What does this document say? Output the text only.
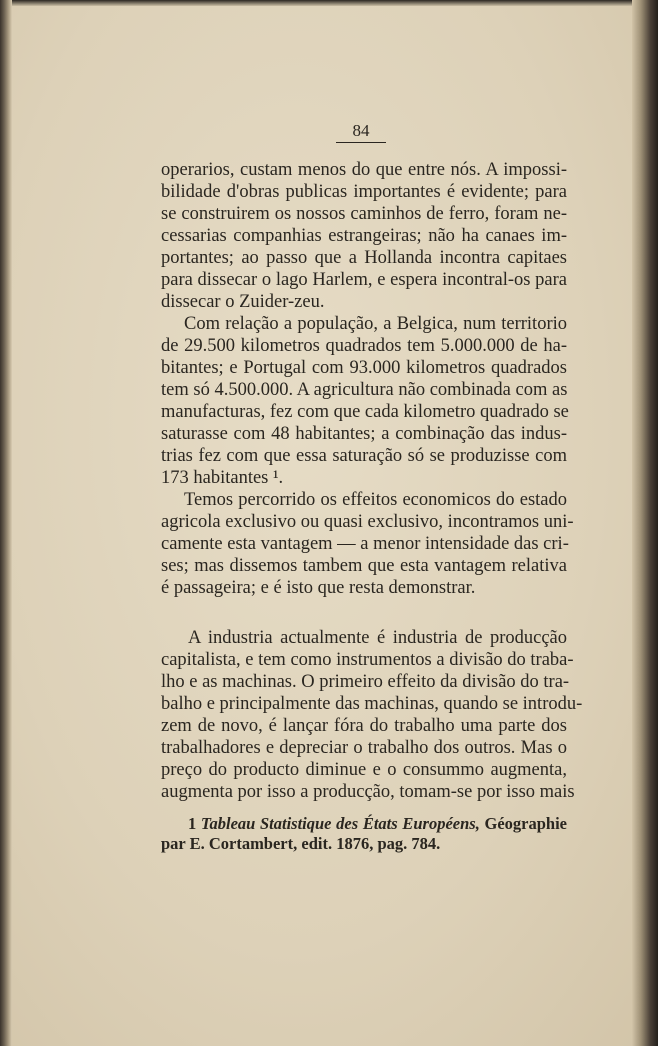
84
operarios, custam menos do que entre nós. A impossi-
bilidade d'obras publicas importantes é evidente; para
se construirem os nossos caminhos de ferro, foram ne-
cessarias companhias estrangeiras; não ha canaes im-
portantes; ao passo que a Hollanda incontra capitaes
para dissecar o lago Harlem, e espera incontral-os para
dissecar o Zuider-zeu.
Com relação a população, a Belgica, num territorio
de 29.500 kilometros quadrados tem 5.000.000 de ha-
bitantes; e Portugal com 93.000 kilometros quadrados
tem só 4.500.000. A agricultura não combinada com as
manufacturas, fez com que cada kilometro quadrado se
saturasse com 48 habitantes; a combinação das indus-
trias fez com que essa saturação só se produzisse com
173 habitantes ¹.
Temos percorrido os effeitos economicos do estado
agricola exclusivo ou quasi exclusivo, incontramos uni-
camente esta vantagem — a menor intensidade das cri-
ses; mas dissemos tambem que esta vantagem relativa
é passageira; e é isto que resta demonstrar.
A industria actualmente é industria de producção
capitalista, e tem como instrumentos a divisão do traba-
lho e as machinas. O primeiro effeito da divisão do tra-
balho e principalmente das machinas, quando se introdu-
zem de novo, é lançar fóra do trabalho uma parte dos
trabalhadores e depreciar o trabalho dos outros. Mas o
preço do producto diminue e o consummo augmenta,
augmenta por isso a producção, tomam-se por isso mais
1 Tableau Statistique des États Européens, Géographie
par E. Cortambert, edit. 1876, pag. 784.
